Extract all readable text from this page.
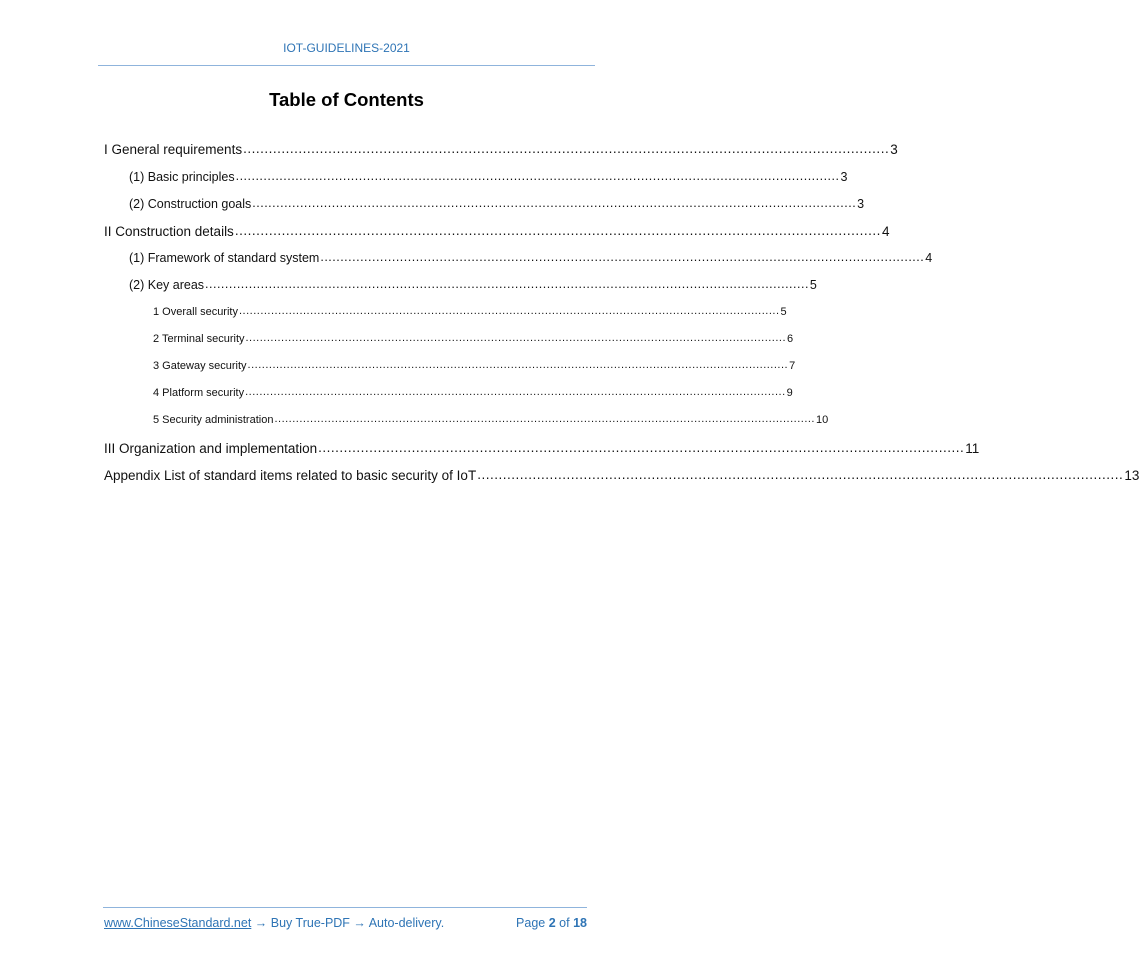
IOT-GUIDELINES-2021
Table of Contents
I General requirements ........................................................................................................................................................ 3
(1) Basic principles ........................................................................................................................................................ 3
(2) Construction goals ........................................................................................................................................................ 3
II Construction details ........................................................................................................................................................ 4
(1) Framework of standard system ........................................................................................................................................................ 4
(2) Key areas ........................................................................................................................................................ 5
1 Overall security ........................................................................................................................................................ 5
2 Terminal security ........................................................................................................................................................ 6
3 Gateway security ........................................................................................................................................................ 7
4 Platform security ........................................................................................................................................................ 9
5 Security administration ........................................................................................................................................................ 10
III Organization and implementation ........................................................................................................................................................ 11
Appendix List of standard items related to basic security of IoT ........................................................................................................................................................ 13
www.ChineseStandard.net → Buy True-PDF → Auto-delivery.	Page 2 of 18
